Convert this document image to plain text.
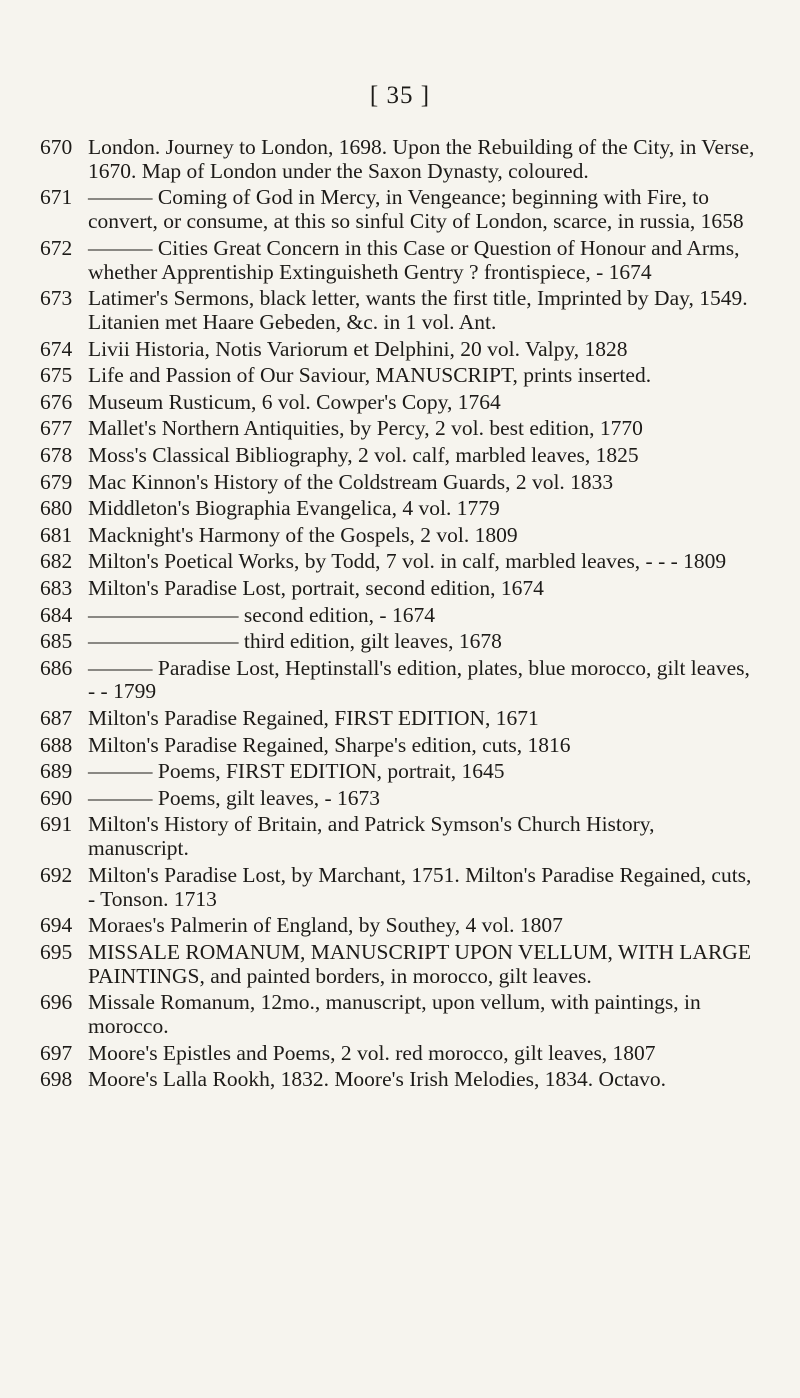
[ 35 ]
670 London. Journey to London, 1698. Upon the Rebuilding of the City, in Verse, 1670. Map of London under the Saxon Dynasty, coloured.
671 ——— Coming of God in Mercy, in Vengeance; beginning with Fire, to convert, or consume, at this so sinful City of London, scarce, in russia, 1658
672 ——— Cities Great Concern in this Case or Question of Honour and Arms, whether Apprentiship Extinguisheth Gentry ? frontispiece, - 1674
673 Latimer's Sermons, black letter, wants the first title, Imprinted by Day, 1549. Litanien met Haare Gebeden, &c. in 1 vol. Ant.
674 Livii Historia, Notis Variorum et Delphini, 20 vol. Valpy, 1828
675 Life and Passion of Our Saviour, MANUSCRIPT, prints inserted.
676 Museum Rusticum, 6 vol. Cowper's Copy, 1764
677 Mallet's Northern Antiquities, by Percy, 2 vol. best edition, 1770
678 Moss's Classical Bibliography, 2 vol. calf, marbled leaves, 1825
679 Mac Kinnon's History of the Coldstream Guards, 2 vol. 1833
680 Middleton's Biographia Evangelica, 4 vol. 1779
681 Macknight's Harmony of the Gospels, 2 vol. 1809
682 Milton's Poetical Works, by Todd, 7 vol. in calf, marbled leaves, - - - 1809
683 Milton's Paradise Lost, portrait, second edition, 1674
684 ——————— second edition, - 1674
685 ——————— third edition, gilt leaves, 1678
686 ——— Paradise Lost, Heptinstall's edition, plates, blue morocco, gilt leaves, - - 1799
687 Milton's Paradise Regained, FIRST EDITION, 1671
688 Milton's Paradise Regained, Sharpe's edition, cuts, 1816
689 ——— Poems, FIRST EDITION, portrait, 1645
690 ——— Poems, gilt leaves, - 1673
691 Milton's History of Britain, and Patrick Symson's Church History, manuscript.
692 Milton's Paradise Lost, by Marchant, 1751. Milton's Paradise Regained, cuts, - Tonson. 1713
694 Moraes's Palmerin of England, by Southey, 4 vol. 1807
695 MISSALE ROMANUM, MANUSCRIPT UPON VELLUM, WITH LARGE PAINTINGS, and painted borders, in morocco, gilt leaves.
696 Missale Romanum, 12mo., manuscript, upon vellum, with paintings, in morocco.
697 Moore's Epistles and Poems, 2 vol. red morocco, gilt leaves, 1807
698 Moore's Lalla Rookh, 1832. Moore's Irish Melodies, 1834. Octavo.
